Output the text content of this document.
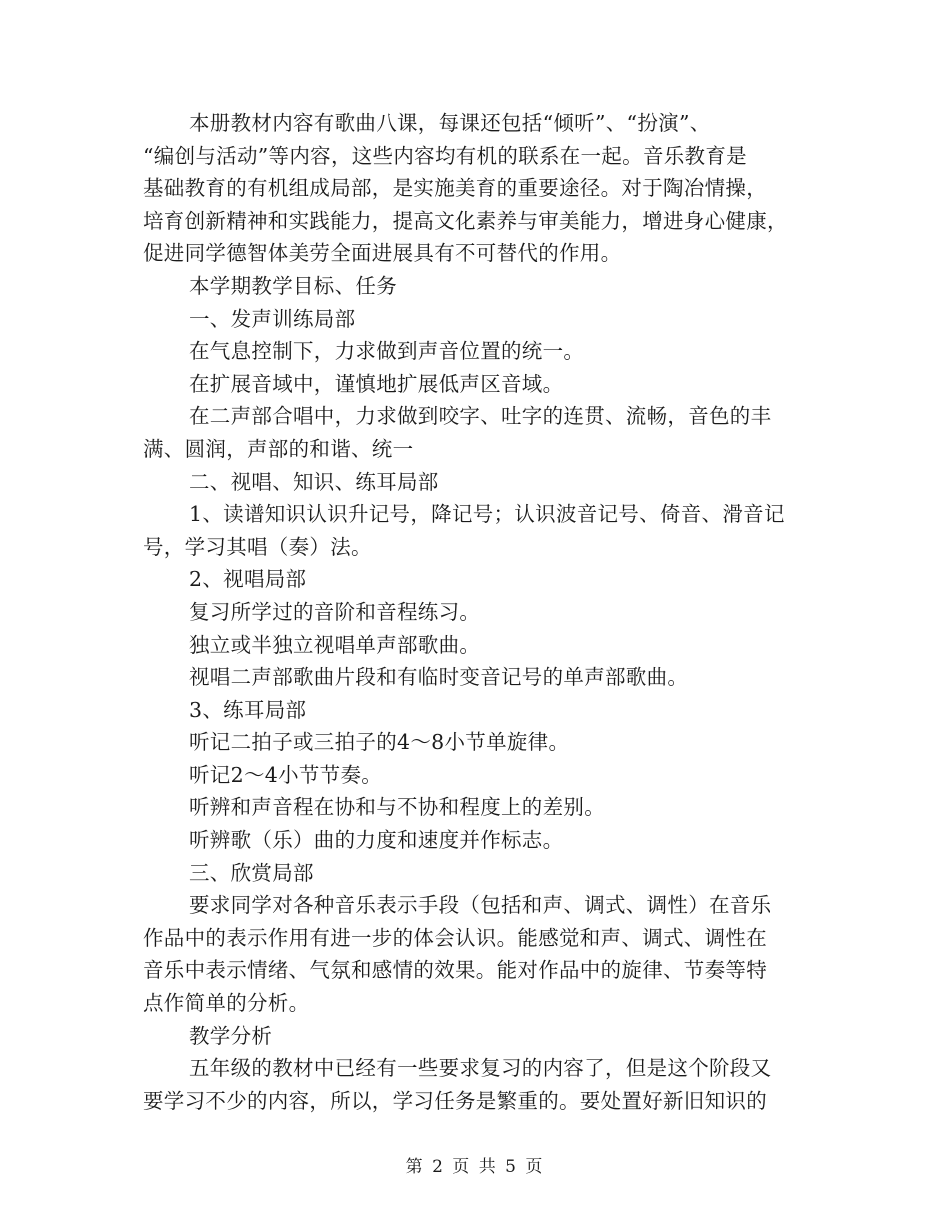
本册教材内容有歌曲八课，每课还包括“倾听”、“扮演”、
“编创与活动”等内容，这些内容均有机的联系在一起。音乐教育是
基础教育的有机组成局部，是实施美育的重要途径。对于陶冶情操，
培育创新精神和实践能力，提高文化素养与审美能力，增进身心健康，
促进同学德智体美劳全面进展具有不可替代的作用。
本学期教学目标、任务
一、发声训练局部
在气息控制下，力求做到声音位置的统一。
在扩展音域中，谨慎地扩展低声区音域。
在二声部合唱中，力求做到咬字、吐字的连贯、流畅，音色的丰
满、圆润，声部的和谐、统一
二、视唱、知识、练耳局部
1、读谱知识认识升记号，降记号；认识波音记号、倚音、滑音记
号，学习其唱（奏）法。
2、视唱局部
复习所学过的音阶和音程练习。
独立或半独立视唱单声部歌曲。
视唱二声部歌曲片段和有临时变音记号的单声部歌曲。
3、练耳局部
听记二拍子或三拍子的4～8小节单旋律。
听记2～4小节节奏。
听辨和声音程在协和与不协和程度上的差别。
听辨歌（乐）曲的力度和速度并作标志。
三、欣赏局部
要求同学对各种音乐表示手段（包括和声、调式、调性）在音乐
作品中的表示作用有进一步的体会认识。能感觉和声、调式、调性在
音乐中表示情绪、气氛和感情的效果。能对作品中的旋律、节奏等特
点作简单的分析。
教学分析
五年级的教材中已经有一些要求复习的内容了，但是这个阶段又
要学习不少的内容，所以，学习任务是繁重的。要处置好新旧知识的
第 2 页 共 5 页
